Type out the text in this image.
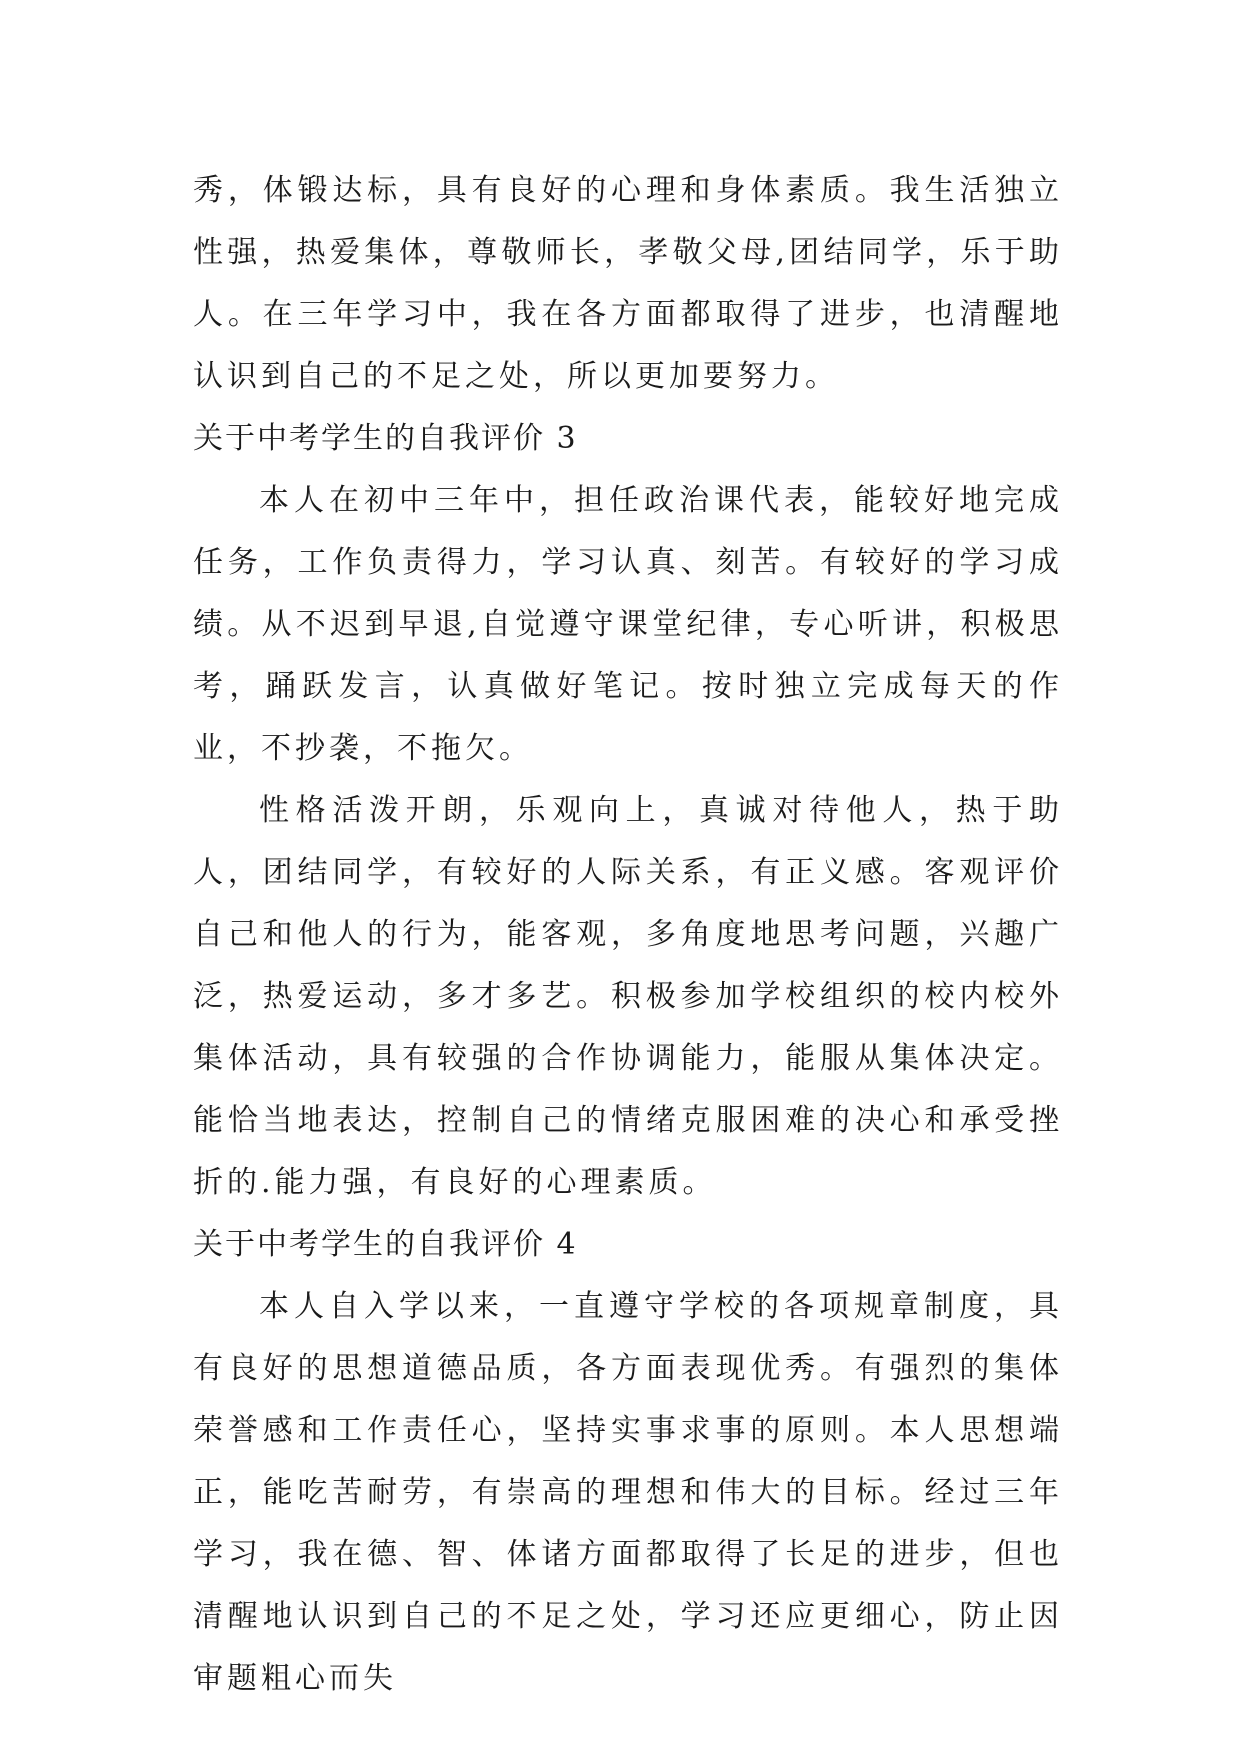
秀，体锻达标，具有良好的心理和身体素质。我生活独立性强，热爱集体，尊敬师长，孝敬父母,团结同学，乐于助人。在三年学习中，我在各方面都取得了进步，也清醒地认识到自己的不足之处，所以更加要努力。

关于中考学生的自我评价 3

本人在初中三年中，担任政治课代表，能较好地完成任务，工作负责得力，学习认真、刻苦。有较好的学习成绩。从不迟到早退,自觉遵守课堂纪律，专心听讲，积极思考，踊跃发言，认真做好笔记。按时独立完成每天的作业，不抄袭，不拖欠。

性格活泼开朗，乐观向上，真诚对待他人，热于助人，团结同学，有较好的人际关系，有正义感。客观评价自己和他人的行为，能客观，多角度地思考问题，兴趣广泛，热爱运动，多才多艺。积极参加学校组织的校内校外集体活动，具有较强的合作协调能力，能服从集体决定。能恰当地表达，控制自己的情绪克服困难的决心和承受挫折的.能力强，有良好的心理素质。

关于中考学生的自我评价 4

本人自入学以来，一直遵守学校的各项规章制度，具有良好的思想道德品质，各方面表现优秀。有强烈的集体荣誉感和工作责任心，坚持实事求事的原则。本人思想端正，能吃苦耐劳，有崇高的理想和伟大的目标。经过三年学习，我在德、智、体诸方面都取得了长足的进步，但也清醒地认识到自己的不足之处，学习还应更细心，防止因审题粗心而失
